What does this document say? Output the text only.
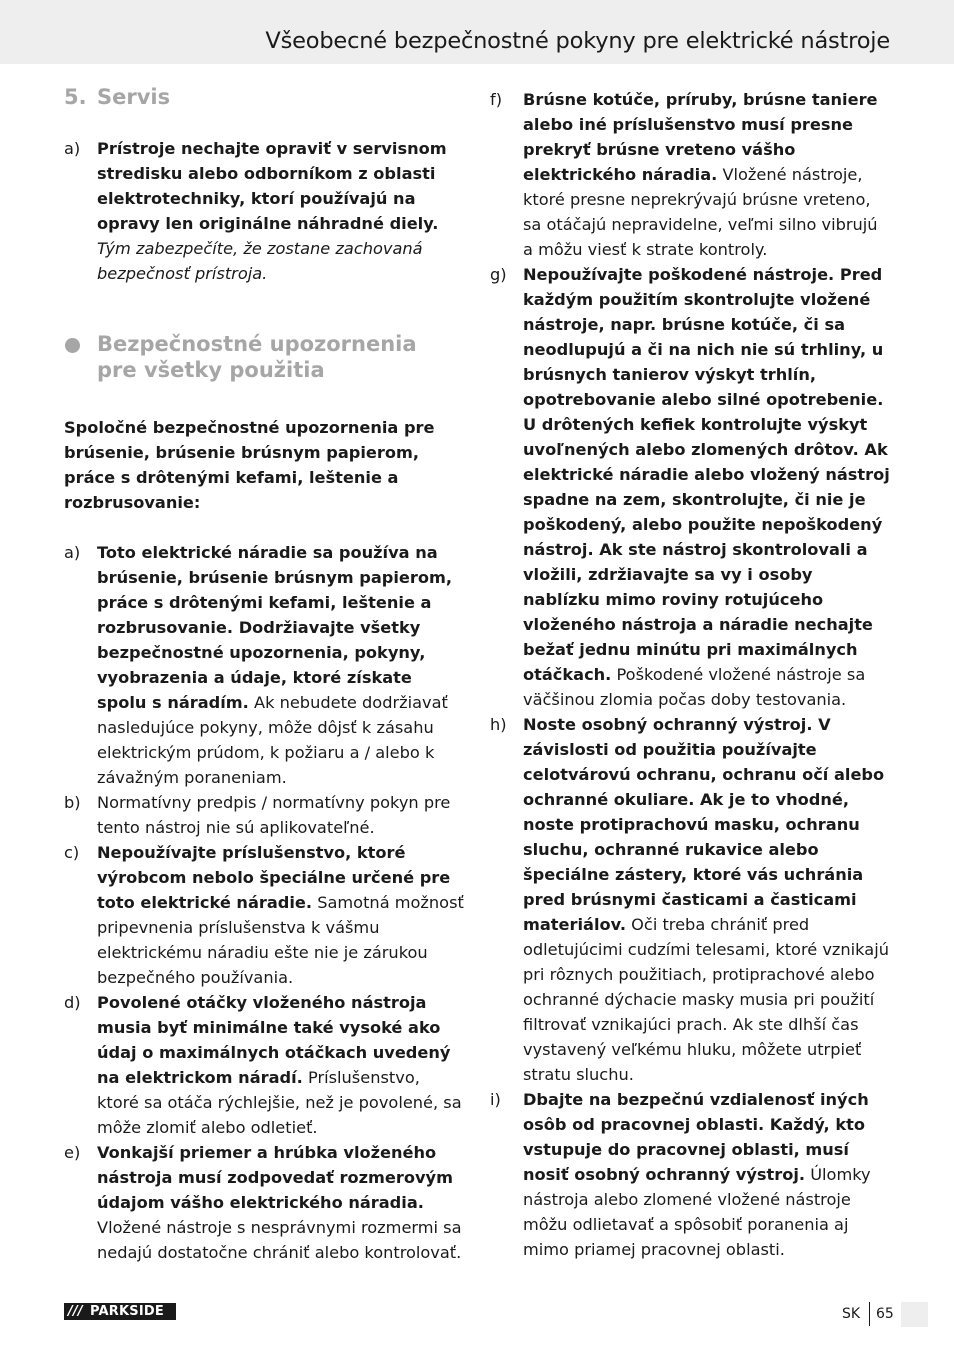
Všeobecné bezpečnostné pokyny pre elektrické nástroje
5. Servis
a) Prístroje nechajte opraviť v servisnom stredisku alebo odborníkom z oblasti elektrotechniky, ktorí používajú na opravy len originálne náhradné diely.
Tým zabezpečíte, že zostane zachovaná bezpečnosť prístroja.
Bezpečnostné upozornenia
pre všetky použitia
Spoločné bezpečnostné upozornenia pre brúsenie, brúsenie brúsnym papierom, práce s drôtenými kefami, leštenie a rozbrusovanie:
a) Toto elektrické náradie sa používa na brúsenie, brúsenie brúsnym papierom, práce s drôtenými kefami, leštenie a rozbrusovanie. Dodržiavajte všetky bezpečnostné upozornenia, pokyny, vyobrazenia a údaje, ktoré získate spolu s náradím. Ak nebudete dodržiavať nasledujúce pokyny, môže dôjsť k zásahu elektrickým prúdom, k požiaru a / alebo k závažným poraneniam.
b) Normatívny predpis / normatívny pokyn pre tento nástroj nie sú aplikovateľné.
c) Nepoužívajte príslušenstvo, ktoré výrobcom nebolo špeciálne určené pre toto elektrické náradie. Samotná možnosť pripevnenia príslušenstva k vášmu elektrickému náradiu ešte nie je zárukou bezpečného používania.
d) Povolené otáčky vloženého nástroja musia byť minimálne také vysoké ako údaj o maximálnych otáčkach uvedený na elektrickom náradí. Príslušenstvo, ktoré sa otáča rýchlejšie, než je povolené, sa môže zlomiť alebo odletieť.
e) Vonkajší priemer a hrúbka vloženého nástroja musí zodpovedať rozmerovým údajom vášho elektrického náradia. Vložené nástroje s nesprávnymi rozmermi sa nedajú dostatočne chrániť alebo kontrolovať.
f) Brúsne kotúče, príruby, brúsne taniere alebo iné príslušenstvo musí presne prekryť brúsne vreteno vášho elektrického náradia. Vložené nástroje, ktoré presne neprekrývajú brúsne vreteno, sa otáčajú nepravidelne, veľmi silno vibrujú a môžu viesť k strate kontroly.
g) Nepoužívajte poškodené nástroje. Pred každým použitím skontrolujte vložené nástroje, napr. brúsne kotúče, či sa neodlupujú a či na nich nie sú trhliny, u brúsnych tanierov výskyt trhlín, opotrebovanie alebo silné opotrebenie. U drôtených kefiek kontrolujte výskyt uvoľnených alebo zlomených drôtov. Ak elektrické náradie alebo vložený nástroj spadne na zem, skontrolujte, či nie je poškodený, alebo použite nepoškodený nástroj. Ak ste nástroj skontrolovali a vložili, zdržiavajte sa vy i osoby nablízku mimo roviny rotujúceho vloženého nástroja a náradie nechajte bežať jednu minútu pri maximálnych otáčkach. Poškodené vložené nástroje sa väčšinou zlomia počas doby testovania.
h) Noste osobný ochranný výstroj. V závislosti od použitia používajte celotvárovú ochranu, ochranu očí alebo ochranné okuliare. Ak je to vhodné, noste protiprachovú masku, ochranu sluchu, ochranné rukavice alebo špeciálne zástery, ktoré vás uchránia pred brúsnymi časticami a časticami materiálov. Oči treba chrániť pred odletujúcimi cudzími telesami, ktoré vznikajú pri rôznych použitiach, protiprachové alebo ochranné dýchacie masky musia pri použití filtrovať vznikajúci prach. Ak ste dlhší čas vystavený veľkému hluku, môžete utrpieť stratu sluchu.
i) Dbajte na bezpečnú vzdialenosť iných osôb od pracovnej oblasti. Každý, kto vstupuje do pracovnej oblasti, musí nosiť osobný ochranný výstroj. Úlomky nástroja alebo zlomené vložené nástroje môžu odlietavať a spôsobiť poranenia aj mimo priamej pracovnej oblasti.
/// PARKSIDE	SK 65
